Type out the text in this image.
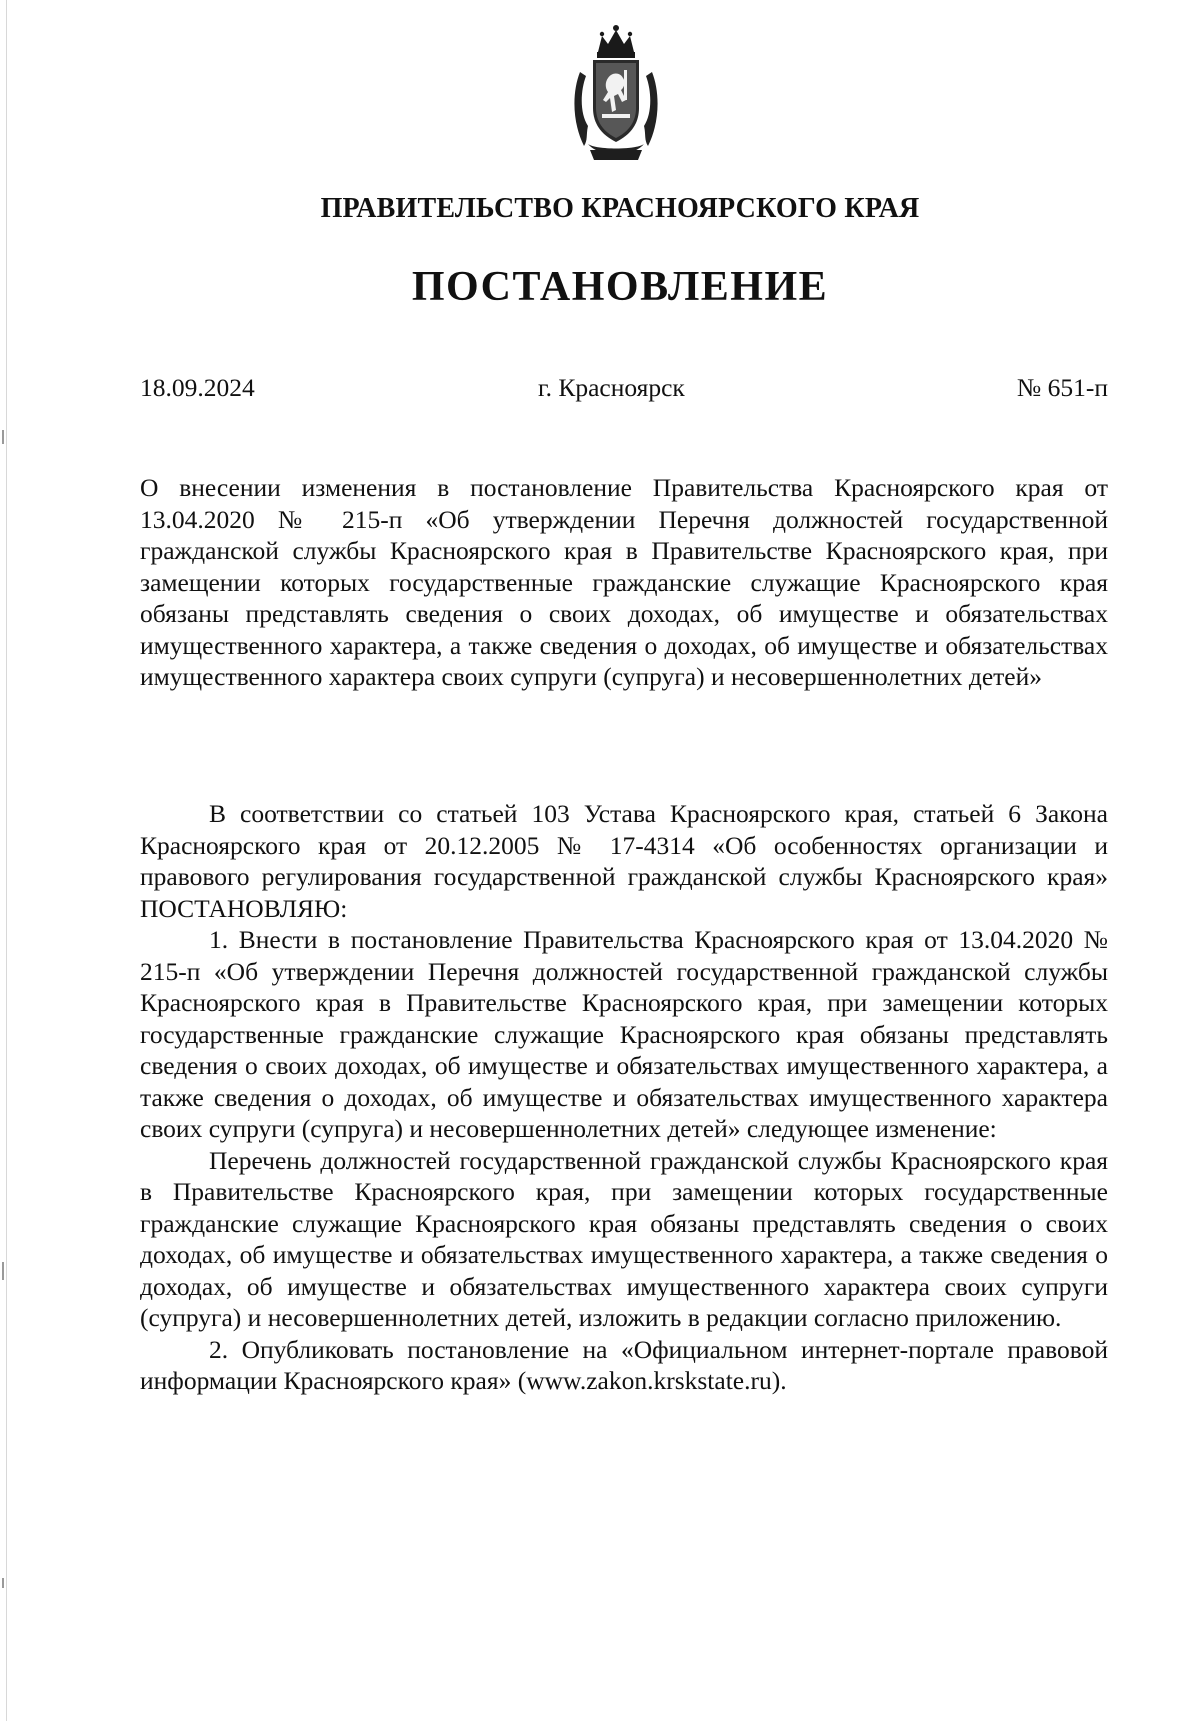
ПРАВИТЕЛЬСТВО КРАСНОЯРСКОГО КРАЯ
ПОСТАНОВЛЕНИЕ
18.09.2024	г. Красноярск	№ 651-п

О внесении изменения в постановление Правительства Красноярского края от 13.04.2020 № 215-п «Об утверждении Перечня должностей государственной гражданской службы Красноярского края в Правительстве Красноярского края, при замещении которых государственные гражданские служащие Красноярского края обязаны представлять сведения о своих доходах, об имуществе и обязательствах имущественного характера, а также сведения о доходах, об имуществе и обязательствах имущественного характера своих супруги (супруга) и несовершеннолетних детей»

В соответствии со статьей 103 Устава Красноярского края, статьей 6 Закона Красноярского края от 20.12.2005 № 17-4314 «Об особенностях организации и правового регулирования государственной гражданской службы Красноярского края» ПОСТАНОВЛЯЮ:

1. Внести в постановление Правительства Красноярского края от 13.04.2020 № 215-п «Об утверждении Перечня должностей государственной гражданской службы Красноярского края в Правительстве Красноярского края, при замещении которых государственные гражданские служащие Красноярского края обязаны представлять сведения о своих доходах, об имуществе и обязательствах имущественного характера, а также сведения о доходах, об имуществе и обязательствах имущественного характера своих супруги (супруга) и несовершеннолетних детей» следующее изменение:

Перечень должностей государственной гражданской службы Красноярского края в Правительстве Красноярского края, при замещении которых государственные гражданские служащие Красноярского края обязаны представлять сведения о своих доходах, об имуществе и обязательствах имущественного характера, а также сведения о доходах, об имуществе и обязательствах имущественного характера своих супруги (супруга) и несовершеннолетних детей, изложить в редакции согласно приложению.

2. Опубликовать постановление на «Официальном интернет-портале правовой информации Красноярского края» (www.zakon.krskstate.ru).
